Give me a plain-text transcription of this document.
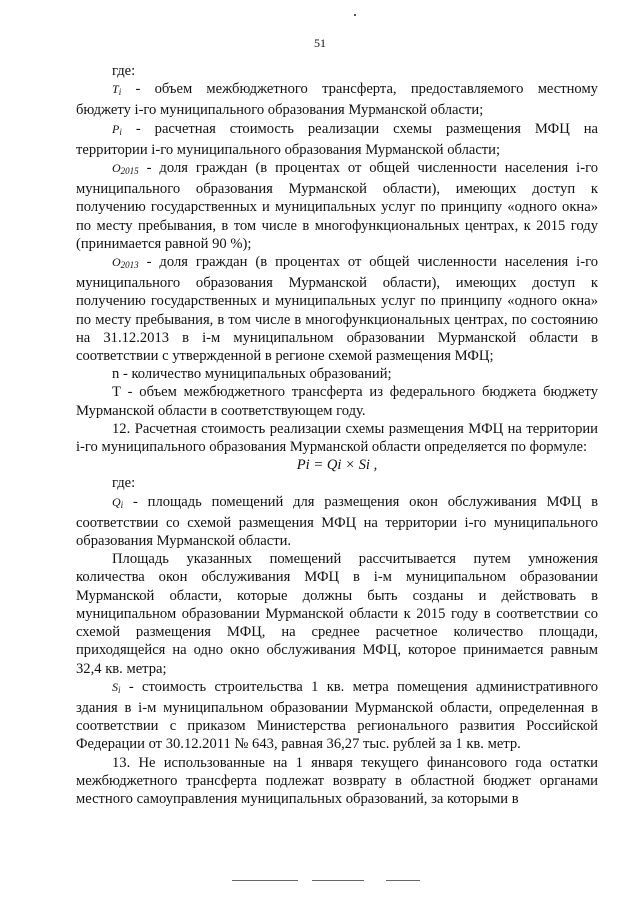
51

где:

$T_i$ - объем межбюджетного трансферта, предоставляемого местному

бюджету i-го муниципального образования Мурманской области;

$P_i$ - расчетная стоимость реализации схемы размещения МФЦ на

территории i-го муниципального образования Мурманской области;

$O_{2015}$ - доля граждан (в процентах от общей численности населения i-го

муниципального образования Мурманской области), имеющих доступ к получению государственных и муниципальных услуг по принципу «одного окна» по месту пребывания, в том числе в многофункциональных центрах, к 2015 году (принимается равной 90 %);

$O_{2013}$ - доля граждан (в процентах от общей численности населения i-го

муниципального образования Мурманской области), имеющих доступ к получению государственных и муниципальных услуг по принципу «одного окна» по месту пребывания, в том числе в многофункциональных центрах, по состоянию на 31.12.2013 в i-м муниципальном образовании Мурманской области в соответствии с утвержденной в регионе схемой размещения МФЦ;

n - количество муниципальных образований;

Т - объем межбюджетного трансферта из федерального бюджета бюджету Мурманской области в соответствующем году.

12. Расчетная стоимость реализации схемы размещения МФЦ на территории i-го муниципального образования Мурманской области определяется по формуле:

Pi = Qi × Si ,

где:

$Q_i$ - площадь помещений для размещения окон обслуживания МФЦ в

соответствии со схемой размещения МФЦ на территории i-го муниципального образования Мурманской области.

Площадь указанных помещений рассчитывается путем умножения количества окон обслуживания МФЦ в i-м муниципальном образовании Мурманской области, которые должны быть созданы и действовать в муниципальном образовании Мурманской области к 2015 году в соответствии со схемой размещения МФЦ, на среднее расчетное количество площади, приходящейся на одно окно обслуживания МФЦ, которое принимается равным 32,4 кв. метра;

$S_i$ - стоимость строительства 1 кв. метра помещения административного

здания в i-м муниципальном образовании Мурманской области, определенная в соответствии с приказом Министерства регионального развития Российской Федерации от 30.12.2011 № 643, равная 36,27 тыс. рублей за 1 кв. метр.

13. Не использованные на 1 января текущего финансового года остатки межбюджетного трансферта подлежат возврату в областной бюджет органами местного самоуправления муниципальных образований, за которыми в
